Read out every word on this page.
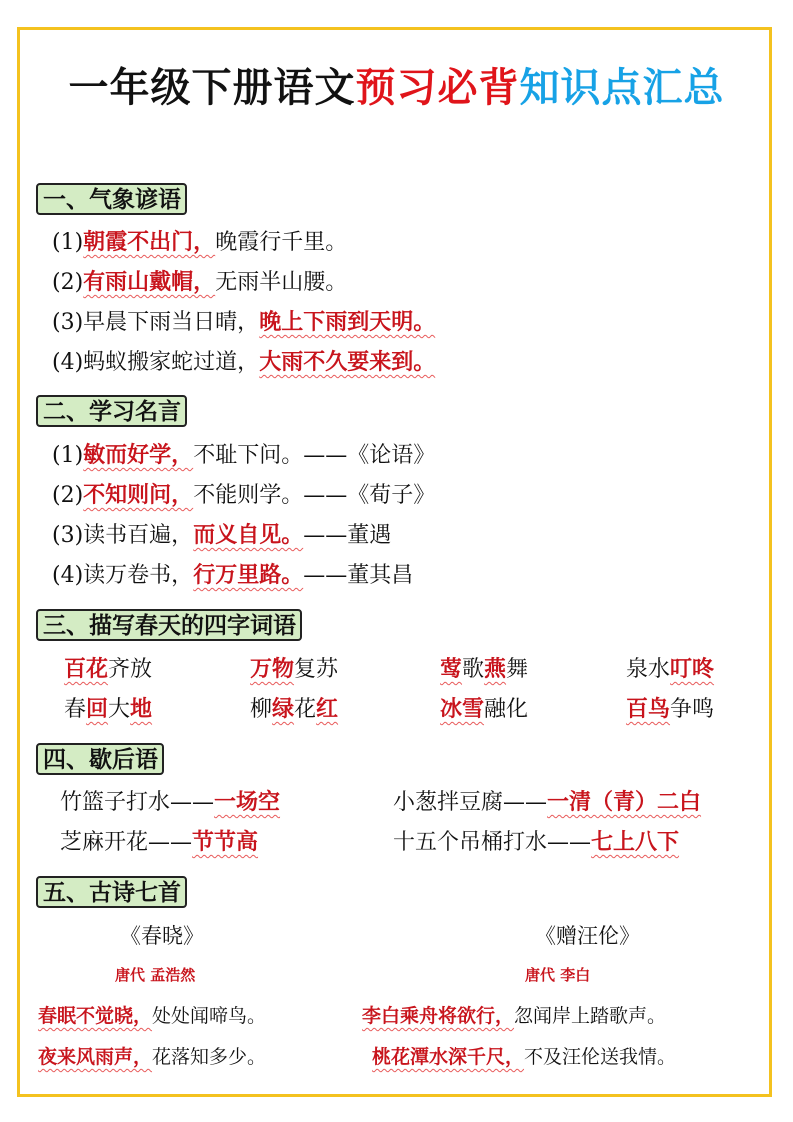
一年级下册语文预习必背知识点汇总
一、气象谚语
(1)朝霞不出门，晚霞行千里。
(2)有雨山戴帽，无雨半山腰。
(3)早晨下雨当日晴，晚上下雨到天明。
(4)蚂蚁搬家蛇过道，大雨不久要来到。
二、学习名言
(1)敏而好学，不耻下问。——《论语》
(2)不知则问，不能则学。——《荀子》
(3)读书百遍，而义自见。——董遇
(4)读万卷书，行万里路。——董其昌
三、描写春天的四字词语
百花齐放	万物复苏	莺歌燕舞	泉水叮咚
春回大地	柳绿花红	冰雪融化	百鸟争鸣
四、歇后语
竹篮子打水——一场空	小葱拌豆腐——一清（青）二白
芝麻开花——节节高	十五个吊桶打水——七上八下
五、古诗七首
《春晓》
唐代 孟浩然
春眠不觉晓，处处闻啼鸟。
夜来风雨声，花落知多少。
《赠汪伦》
唐代 李白
李白乘舟将欲行，忽闻岸上踏歌声。
桃花潭水深千尺，不及汪伦送我情。
